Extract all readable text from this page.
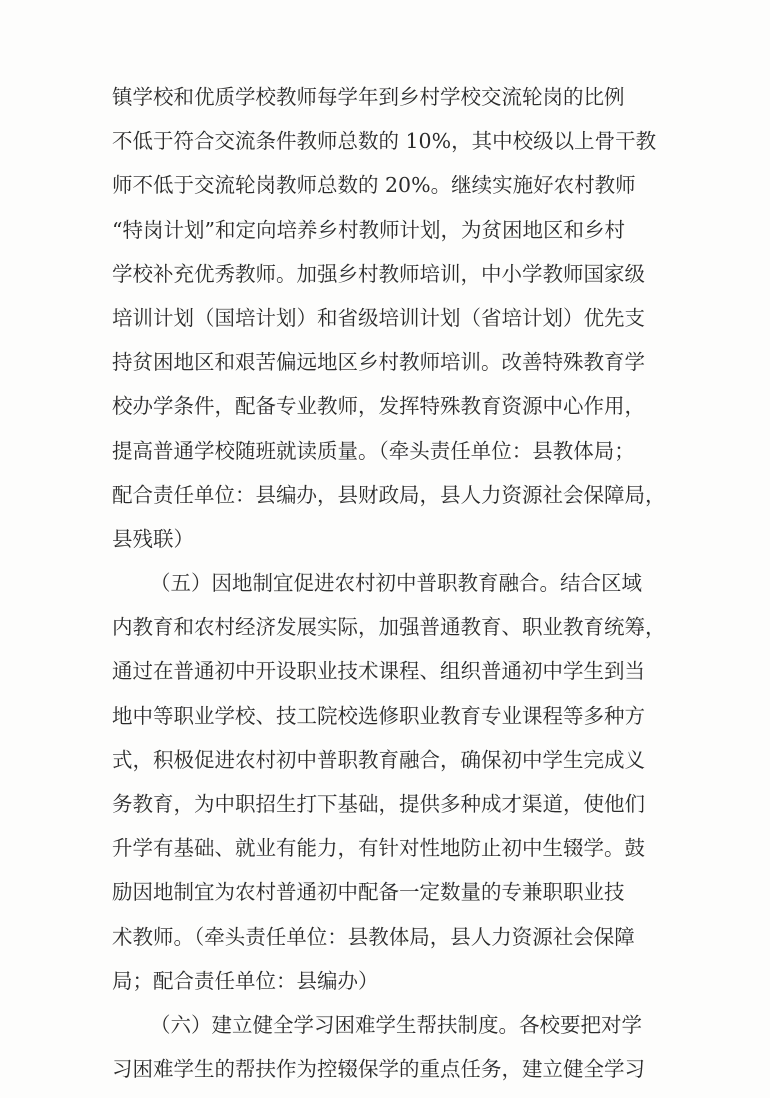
镇学校和优质学校教师每学年到乡村学校交流轮岗的比例
不低于符合交流条件教师总数的 10%，其中校级以上骨干教
师不低于交流轮岗教师总数的 20%。继续实施好农村教师
“特岗计划”和定向培养乡村教师计划，为贫困地区和乡村
学校补充优秀教师。加强乡村教师培训，中小学教师国家级
培训计划（国培计划）和省级培训计划（省培计划）优先支
持贫困地区和艰苦偏远地区乡村教师培训。改善特殊教育学
校办学条件，配备专业教师，发挥特殊教育资源中心作用，
提高普通学校随班就读质量。（牵头责任单位：县教体局；
配合责任单位：县编办，县财政局，县人力资源社会保障局，
县残联）
（五）因地制宜促进农村初中普职教育融合。结合区域
内教育和农村经济发展实际，加强普通教育、职业教育统筹，
通过在普通初中开设职业技术课程、组织普通初中学生到当
地中等职业学校、技工院校选修职业教育专业课程等多种方
式，积极促进农村初中普职教育融合，确保初中学生完成义
务教育，为中职招生打下基础，提供多种成才渠道，使他们
升学有基础、就业有能力，有针对性地防止初中生辍学。鼓
励因地制宜为农村普通初中配备一定数量的专兼职职业技
术教师。（牵头责任单位：县教体局，县人力资源社会保障
局；配合责任单位：县编办）
（六）建立健全学习困难学生帮扶制度。各校要把对学
习困难学生的帮扶作为控辍保学的重点任务，建立健全学习
